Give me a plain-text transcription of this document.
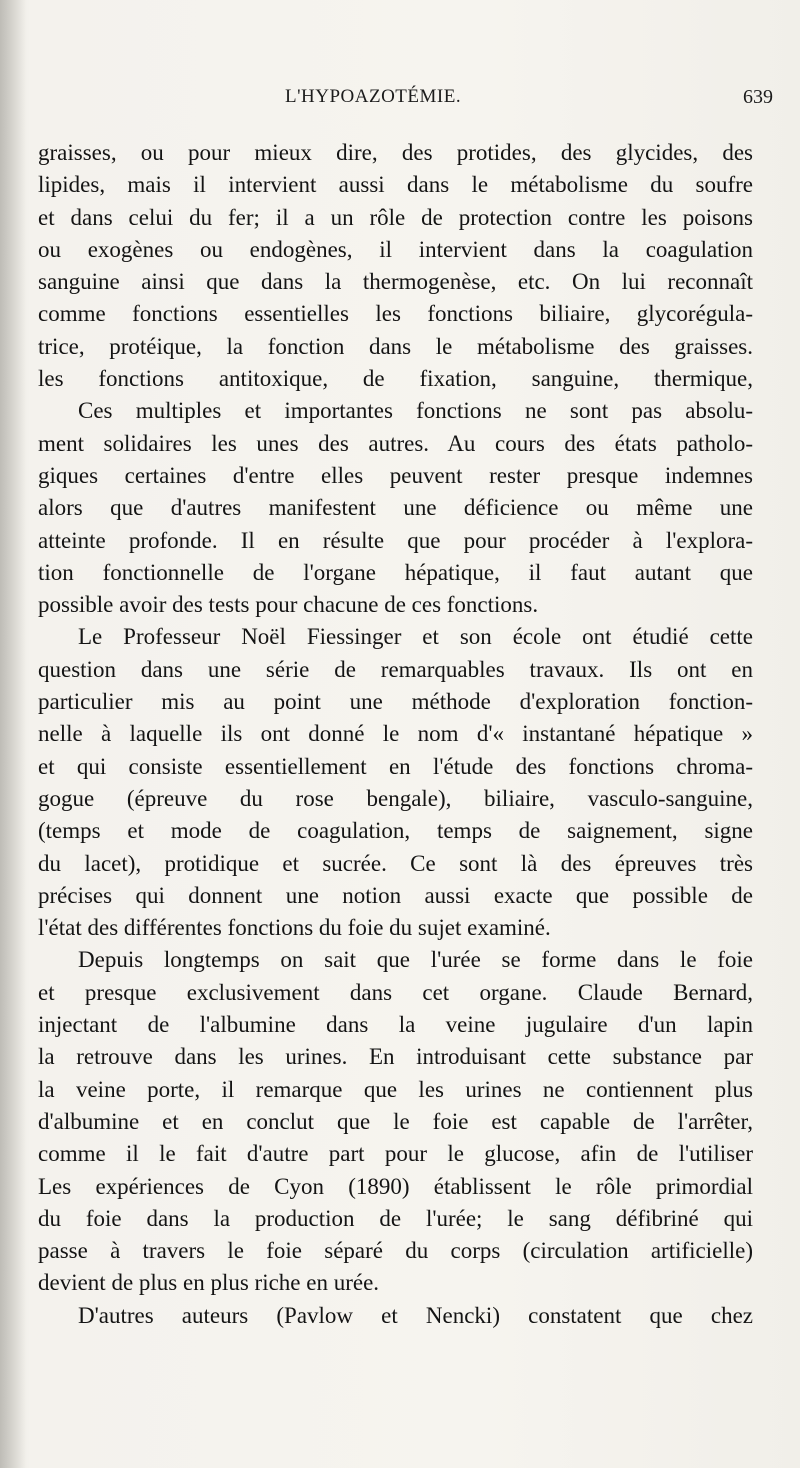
L'HYPOAZOTÉMIE.	639
graisses, ou pour mieux dire, des protides, des glycides, des
lipides, mais il intervient aussi dans le métabolisme du soufre
et dans celui du fer; il a un rôle de protection contre les poisons
ou exogènes ou endogènes, il intervient dans la coagulation
sanguine ainsi que dans la thermogenèse, etc. On lui reconnaît
comme fonctions essentielles les fonctions biliaire, glycorégula-
trice, protéique, la fonction dans le métabolisme des graisses.
les fonctions antitoxique, de fixation, sanguine, thermique,
Ces multiples et importantes fonctions ne sont pas absolu-
ment solidaires les unes des autres. Au cours des états patholo-
giques certaines d'entre elles peuvent rester presque indemnes
alors que d'autres manifestent une déficience ou même une
atteinte profonde. Il en résulte que pour procéder à l'explora-
tion fonctionnelle de l'organe hépatique, il faut autant que
possible avoir des tests pour chacune de ces fonctions.
Le Professeur Noël Fiessinger et son école ont étudié cette
question dans une série de remarquables travaux. Ils ont en
particulier mis au point une méthode d'exploration fonction-
nelle à laquelle ils ont donné le nom d'« instantané hépatique »
et qui consiste essentiellement en l'étude des fonctions chroma-
gogue (épreuve du rose bengale), biliaire, vasculo-sanguine,
(temps et mode de coagulation, temps de saignement, signe
du lacet), protidique et sucrée. Ce sont là des épreuves très
précises qui donnent une notion aussi exacte que possible de
l'état des différentes fonctions du foie du sujet examiné.
Depuis longtemps on sait que l'urée se forme dans le foie
et presque exclusivement dans cet organe. Claude Bernard,
injectant de l'albumine dans la veine jugulaire d'un lapin
la retrouve dans les urines. En introduisant cette substance par
la veine porte, il remarque que les urines ne contiennent plus
d'albumine et en conclut que le foie est capable de l'arrêter,
comme il le fait d'autre part pour le glucose, afin de l'utiliser
Les expériences de Cyon (1890) établissent le rôle primordial
du foie dans la production de l'urée; le sang défibriné qui
passe à travers le foie séparé du corps (circulation artificielle)
devient de plus en plus riche en urée.
D'autres auteurs (Pavlow et Nencki) constatent que chez
